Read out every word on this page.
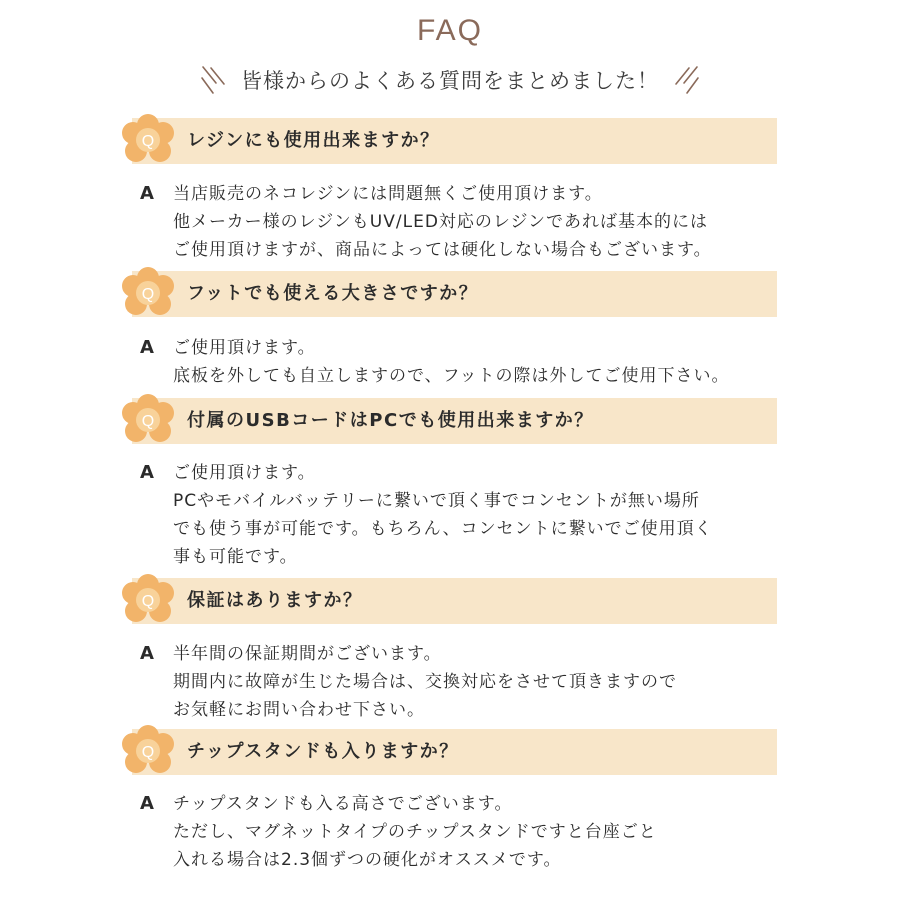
FAQ
皆様からのよくある質問をまとめました！
Q レジンにも使用出来ますか？
A 当店販売のネコレジンには問題無くご使用頂けます。
他メーカー様のレジンもUV/LED対応のレジンであれば基本的には
ご使用頂けますが、商品によっては硬化しない場合もございます。
Q フットでも使える大きさですか？
A ご使用頂けます。
底板を外しても自立しますので、フットの際は外してご使用下さい。
Q 付属のUSBコードはPCでも使用出来ますか？
A ご使用頂けます。
PCやモバイルバッテリーに繋いで頂く事でコンセントが無い場所
でも使う事が可能です。もちろん、コンセントに繋いでご使用頂く
事も可能です。
Q 保証はありますか？
A 半年間の保証期間がございます。
期間内に故障が生じた場合は、交換対応をさせて頂きますので
お気軽にお問い合わせ下さい。
Q チップスタンドも入りますか？
A チップスタンドも入る高さでございます。
ただし、マグネットタイプのチップスタンドですと台座ごと
入れる場合は2.3個ずつの硬化がオススメです。
